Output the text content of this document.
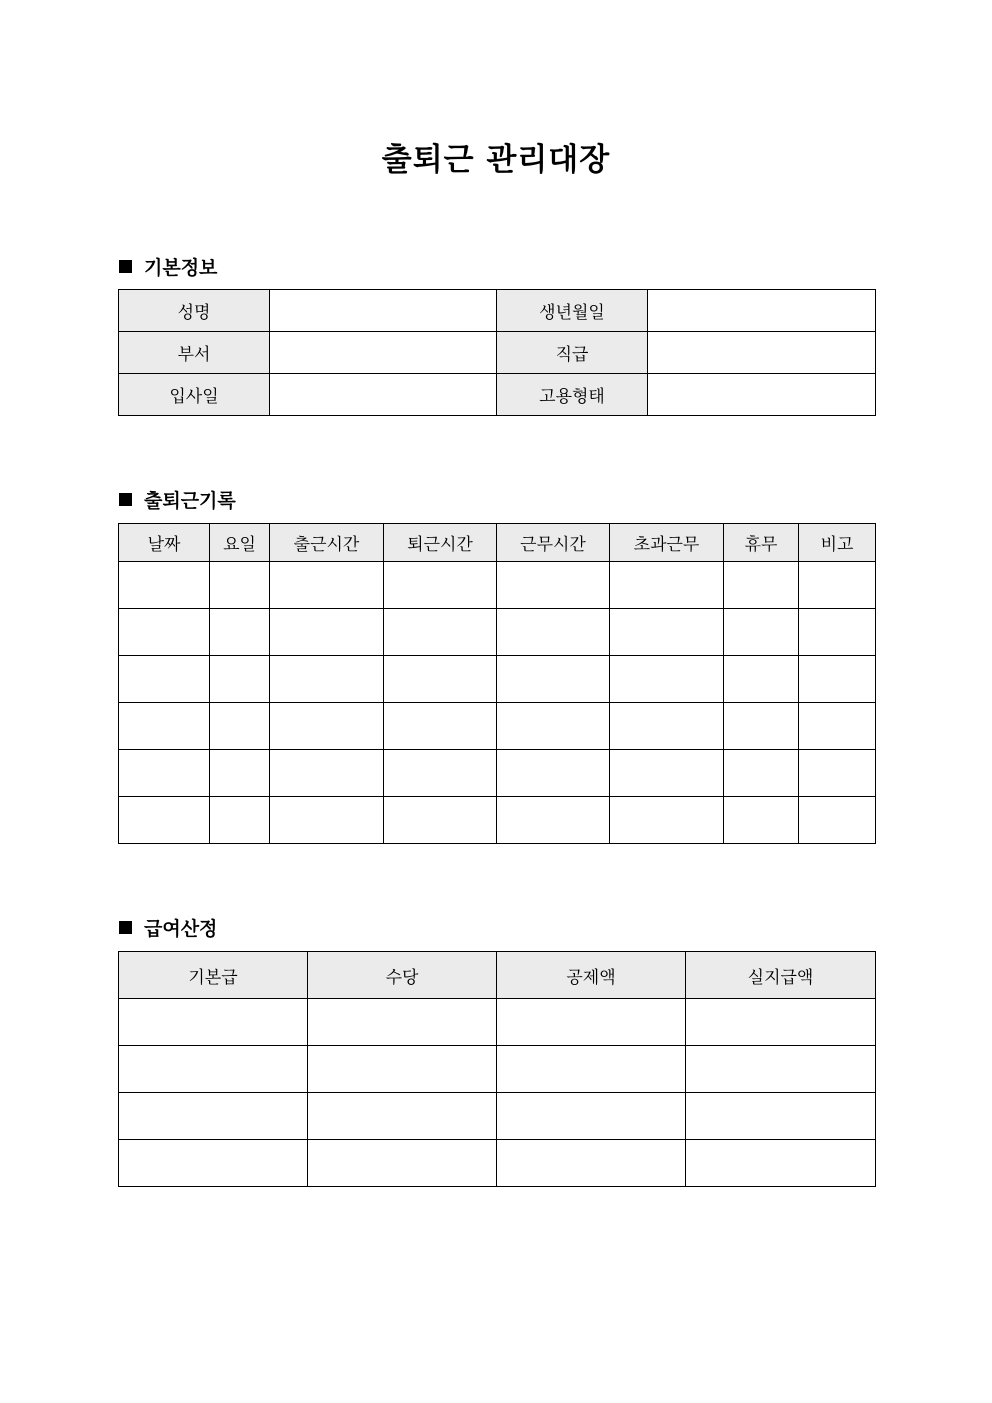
출퇴근 관리대장
기본정보
성명		생년월일	
부서		직급	
입사일		고용형태	
출퇴근기록
날짜	요일	출근시간	퇴근시간	근무시간	초과근무	휴무	비고

급여산정
기본급	수당	공제액	실지급액
